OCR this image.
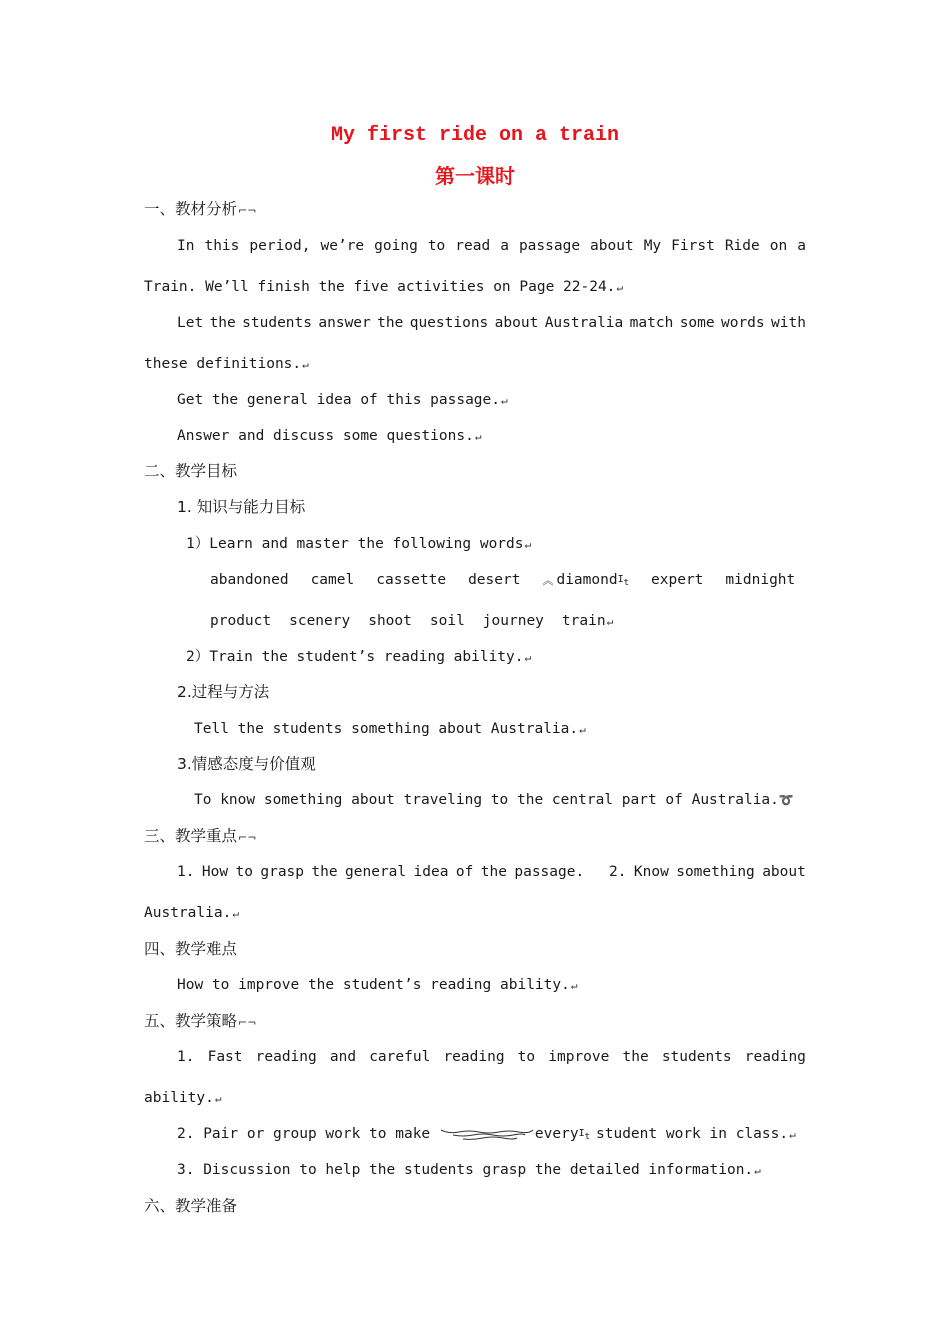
My first ride on a train
第一课时
一、教材分析⌐¬
In this period, we’re going to read a passage about My First Ride on a
Train. We’ll finish the five activities on Page 22-24.↵
Let the students answer the questions about Australia match some words with
these definitions.↵
Get the general idea of this passage.↵
Answer and discuss some questions.↵
二、教学目标
1. 知识与能力目标
1）Learn and master the following words↵
abandoned camel cassette desert ︽ diamondI$_t$ expert midnight
product scenery shoot soil journey train↵
2）Train the student’s reading ability.↵
2.过程与方法
Tell the students something about Australia.↵
3.情感态度与价值观
To know something about traveling to the central part of Australia.➰
三、教学重点⌐¬
1. How to grasp the general idea of the passage. 2. Know something about
Australia.↵
四、教学难点
How to improve the student’s reading ability.↵
五、教学策略⌐¬
1. Fast reading and careful reading to improve the students reading
ability.↵
2. Pair or group work to make	everyI$_t$ student work in class.↵
3. Discussion to help the students grasp the detailed information.↵
六、教学准备
